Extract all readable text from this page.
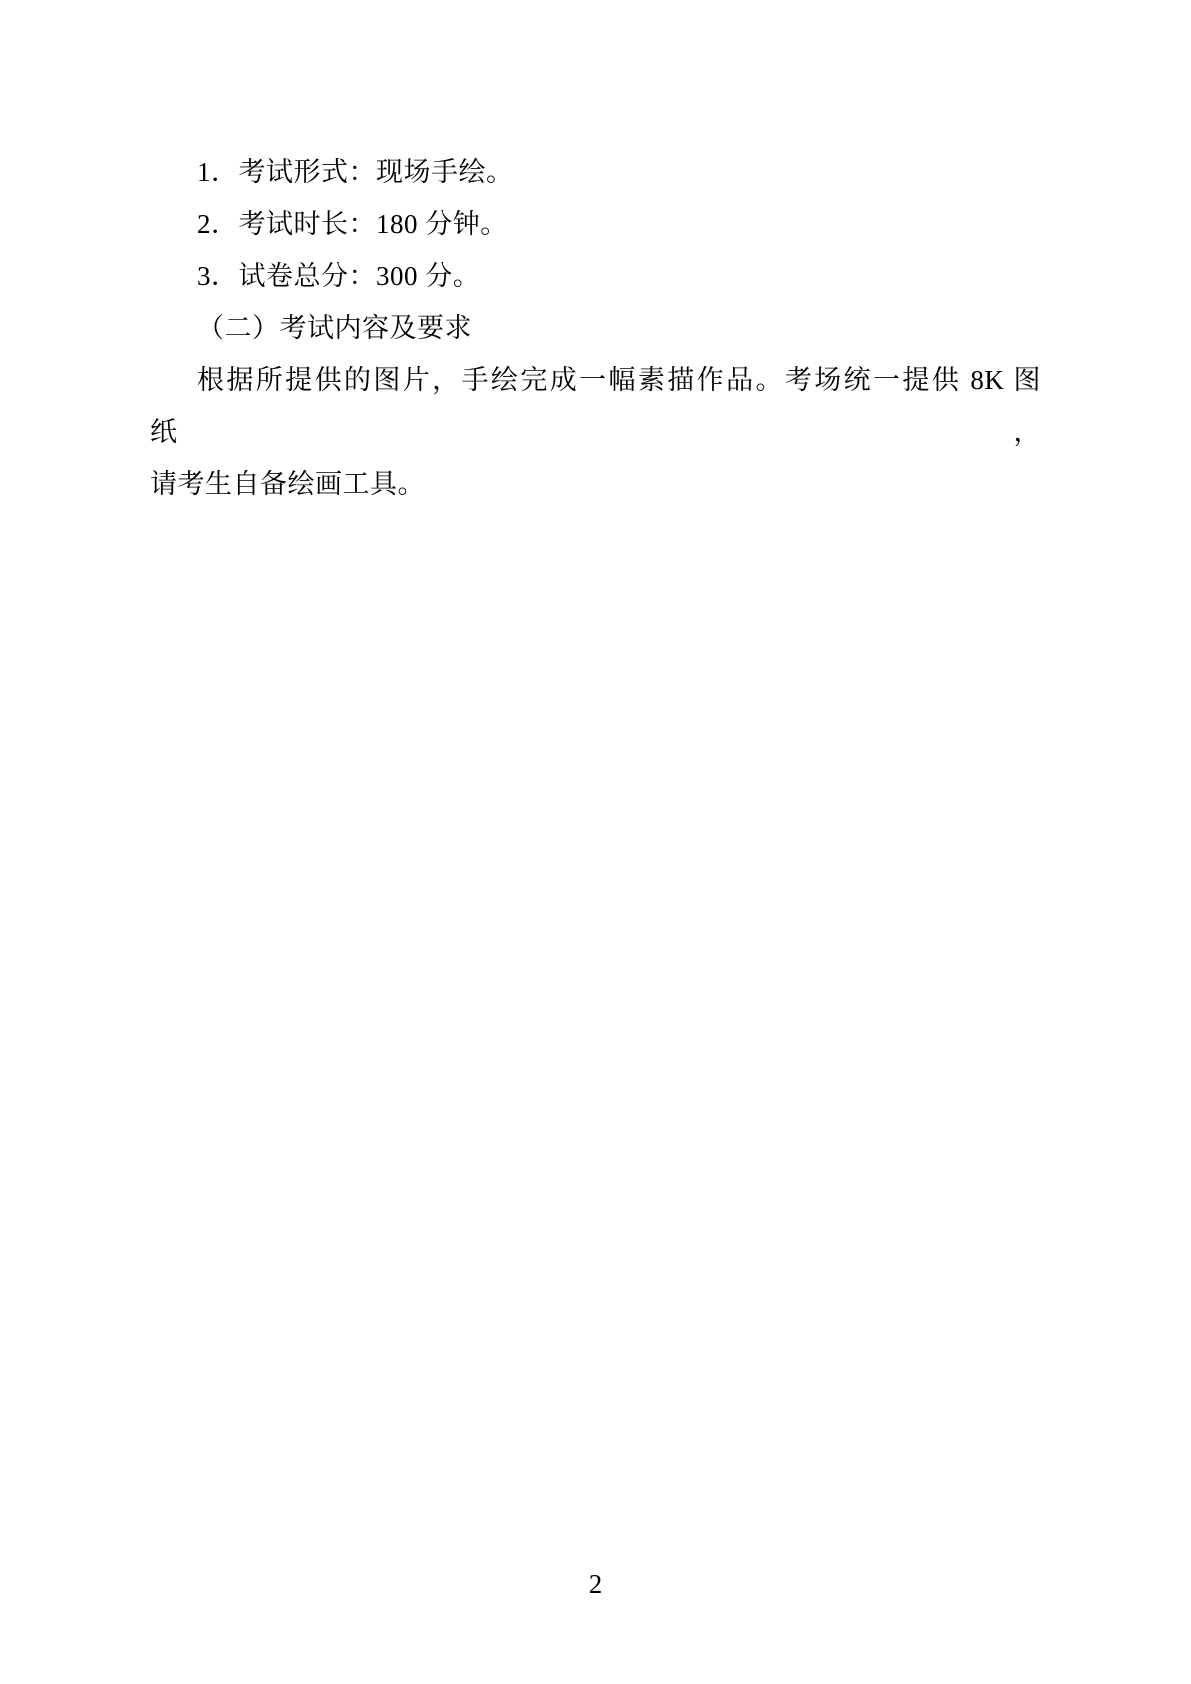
1．考试形式：现场手绘。

2．考试时长：180 分钟。

3．试卷总分：300 分。

（二）考试内容及要求

根据所提供的图片，手绘完成一幅素描作品。考场统一提供 8K 图纸，

请考生自备绘画工具。

2
